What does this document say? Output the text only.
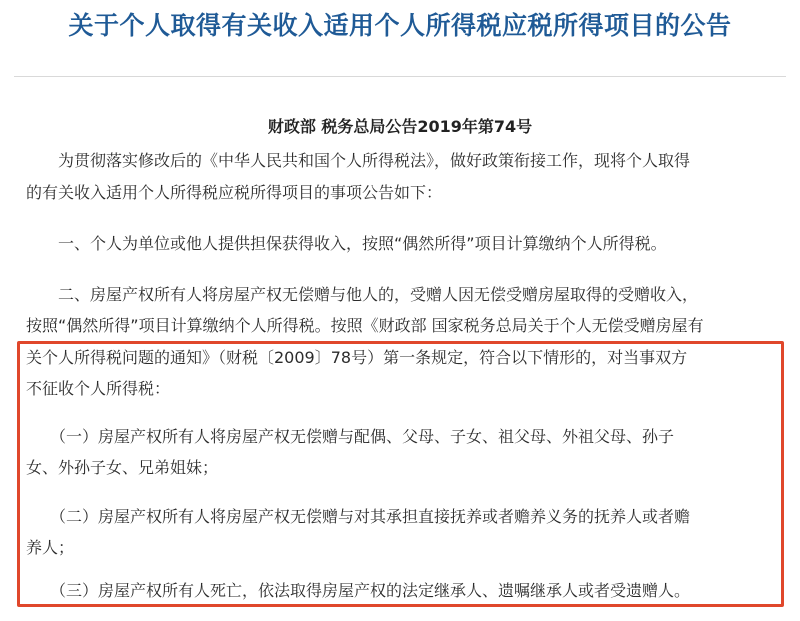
关于个人取得有关收入适用个人所得税应税所得项目的公告
财政部 税务总局公告2019年第74号
　　为贯彻落实修改后的《中华人民共和国个人所得税法》，做好政策衔接工作，现将个人取得
的有关收入适用个人所得税应税所得项目的事项公告如下：
　　一、个人为单位或他人提供担保获得收入，按照“偶然所得”项目计算缴纳个人所得税。
　　二、房屋产权所有人将房屋产权无偿赠与他人的，受赠人因无偿受赠房屋取得的受赠收入，
按照“偶然所得”项目计算缴纳个人所得税。按照《财政部 国家税务总局关于个人无偿受赠房屋有
关个人所得税问题的通知》（财税〔2009〕78号）第一条规定，符合以下情形的，对当事双方
不征收个人所得税：
　　（一）房屋产权所有人将房屋产权无偿赠与配偶、父母、子女、祖父母、外祖父母、孙子
女、外孙子女、兄弟姐妹；
　　（二）房屋产权所有人将房屋产权无偿赠与对其承担直接抚养或者赡养义务的抚养人或者赡
养人；
　　（三）房屋产权所有人死亡，依法取得房屋产权的法定继承人、遗嘱继承人或者受遗赠人。
